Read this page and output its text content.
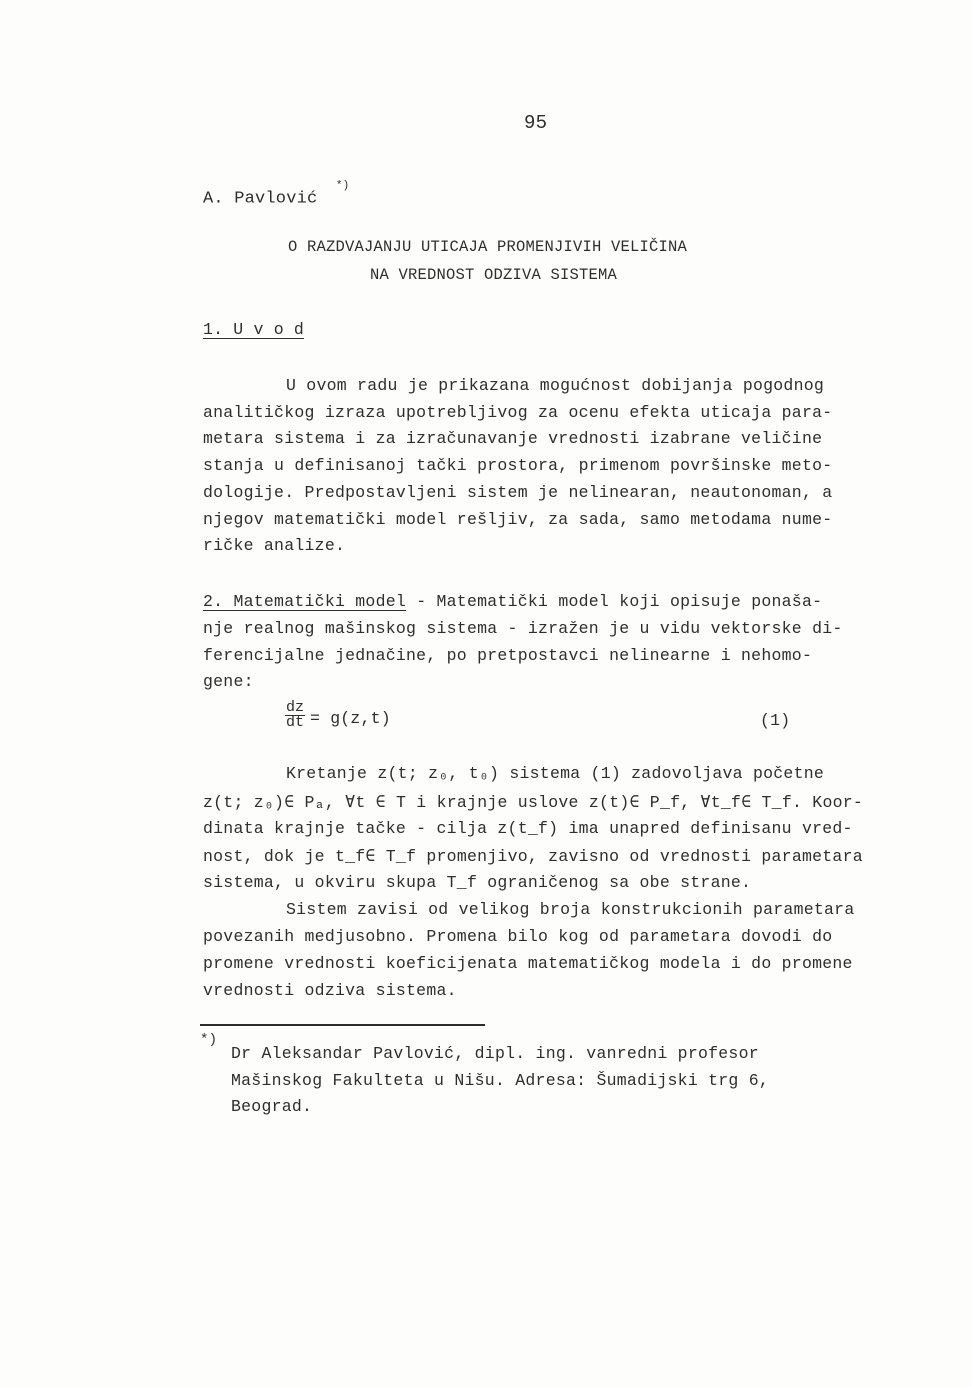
95
A. Pavlović *)
O RAZDVAJANJU UTICAJA PROMENJIVIH VELIČINA
NA VREDNOST ODZIVA SISTEMA
1. U v o d
U ovom radu je prikazana mogućnost dobijanja pogodnog
analitičkog izraza upotrebljivog za ocenu efekta uticaja para-
metara sistema i za izračunavanje vrednosti izabrane veličine
stanja u definisanoj tački prostora, primenom površinske meto-
dologije. Predpostavljeni sistem je nelinearan, neautonoman, a
njegov matematički model rešljiv, za sada, samo metodama nume-
ričke analize.
2. Matematički model - Matematički model koji opisuje ponaša-
nje realnog mašinskog sistema - izražen je u vidu vektorske di-
ferencijalne jednačine, po pretpostavci nelinearne i nehomo-
gene:
$\frac{dz}{dt} = g(z,t)$	(1)
Kretanje z(t; z₀, t₀) sistema (1) zadovoljava početne
z(t; z₀)∈ Pₐ, ∀t ∈ T i krajnje uslove z(t)∈ P_f, ∀t_f∈ T_f. Koor-
dinata krajnje tačke - cilja z(t_f) ima unapred definisanu vred-
nost, dok je t_f∈ T_f promenjivo, zavisno od vrednosti parametara
sistema, u okviru skupa T_f ograničenog sa obe strane.
Sistem zavisi od velikog broja konstrukcionih parametara
povezanih medjusobno. Promena bilo kog od parametara dovodi do
promene vrednosti koeficijenata matematičkog modela i do promene
vrednosti odziva sistema.
*)
Dr Aleksandar Pavlović, dipl. ing. vanredni profesor
Mašinskog Fakulteta u Nišu. Adresa: Šumadijski trg 6,
Beograd.
